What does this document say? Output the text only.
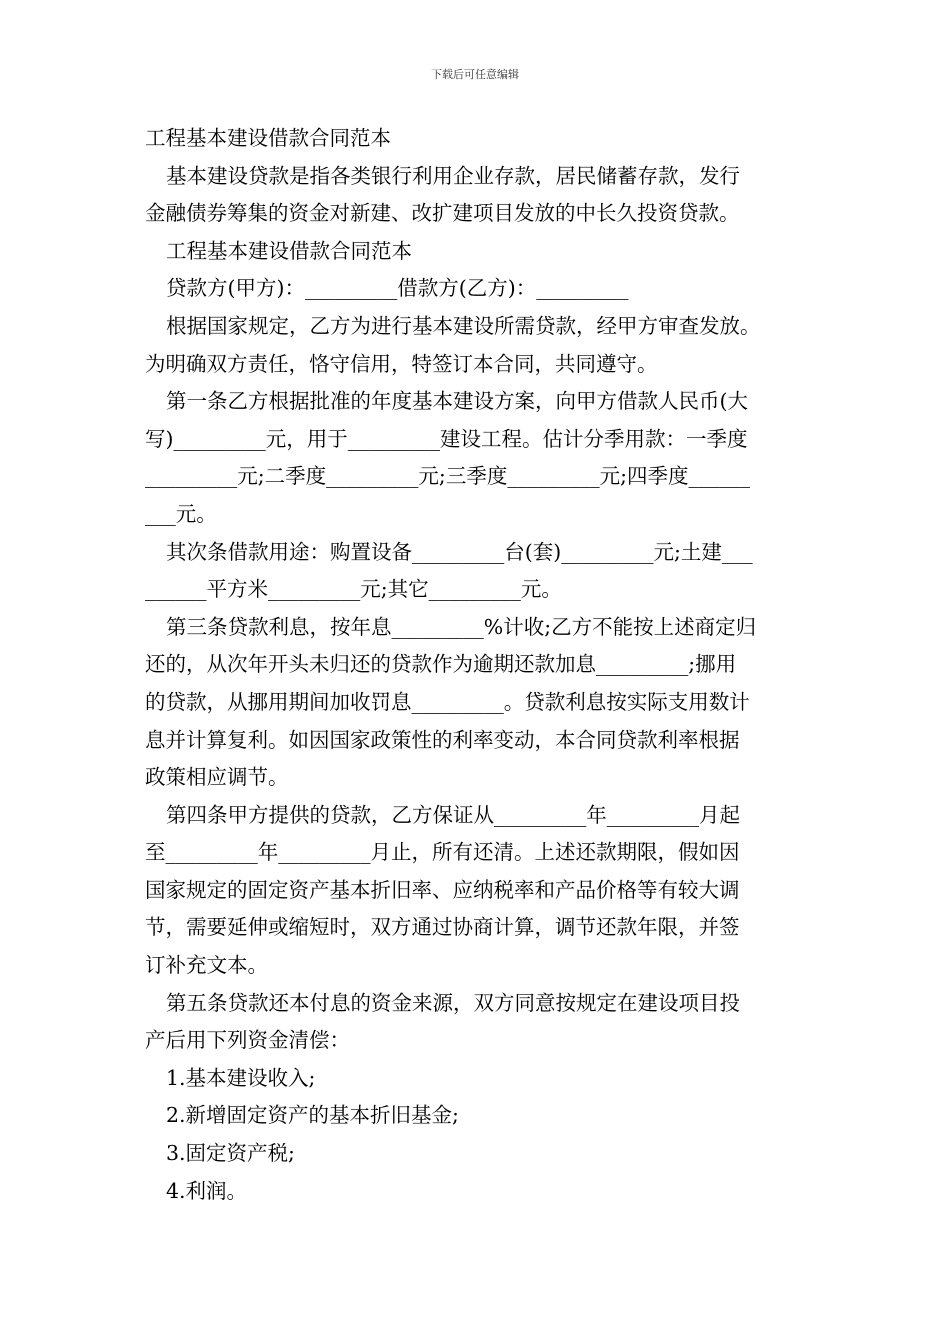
下载后可任意编辑

工程基本建设借款合同范本

基本建设贷款是指各类银行利用企业存款，居民储蓄存款，发行

金融债券筹集的资金对新建、改扩建项目发放的中长久投资贷款。

工程基本建设借款合同范本

贷款方(甲方)：_________借款方(乙方)：_________

根据国家规定，乙方为进行基本建设所需贷款，经甲方审查发放。

为明确双方责任，恪守信用，特签订本合同，共同遵守。

第一条乙方根据批准的年度基本建设方案，向甲方借款人民币(大

写)_________元，用于_________建设工程。估计分季用款：一季度

_________元;二季度_________元;三季度_________元;四季度______

___元。

其次条借款用途：购置设备_________台(套)_________元;土建___

______平方米_________元;其它_________元。

第三条贷款利息，按年息_________%计收;乙方不能按上述商定归

还的，从次年开头未归还的贷款作为逾期还款加息_________;挪用

的贷款，从挪用期间加收罚息_________。贷款利息按实际支用数计

息并计算复利。如因国家政策性的利率变动，本合同贷款利率根据

政策相应调节。

第四条甲方提供的贷款，乙方保证从_________年_________月起

至_________年_________月止，所有还清。上述还款期限，假如因

国家规定的固定资产基本折旧率、应纳税率和产品价格等有较大调

节，需要延伸或缩短时，双方通过协商计算，调节还款年限，并签

订补充文本。

第五条贷款还本付息的资金来源，双方同意按规定在建设项目投

产后用下列资金清偿：

1.基本建设收入;

2.新增固定资产的基本折旧基金;

3.固定资产税;

4.利润。
